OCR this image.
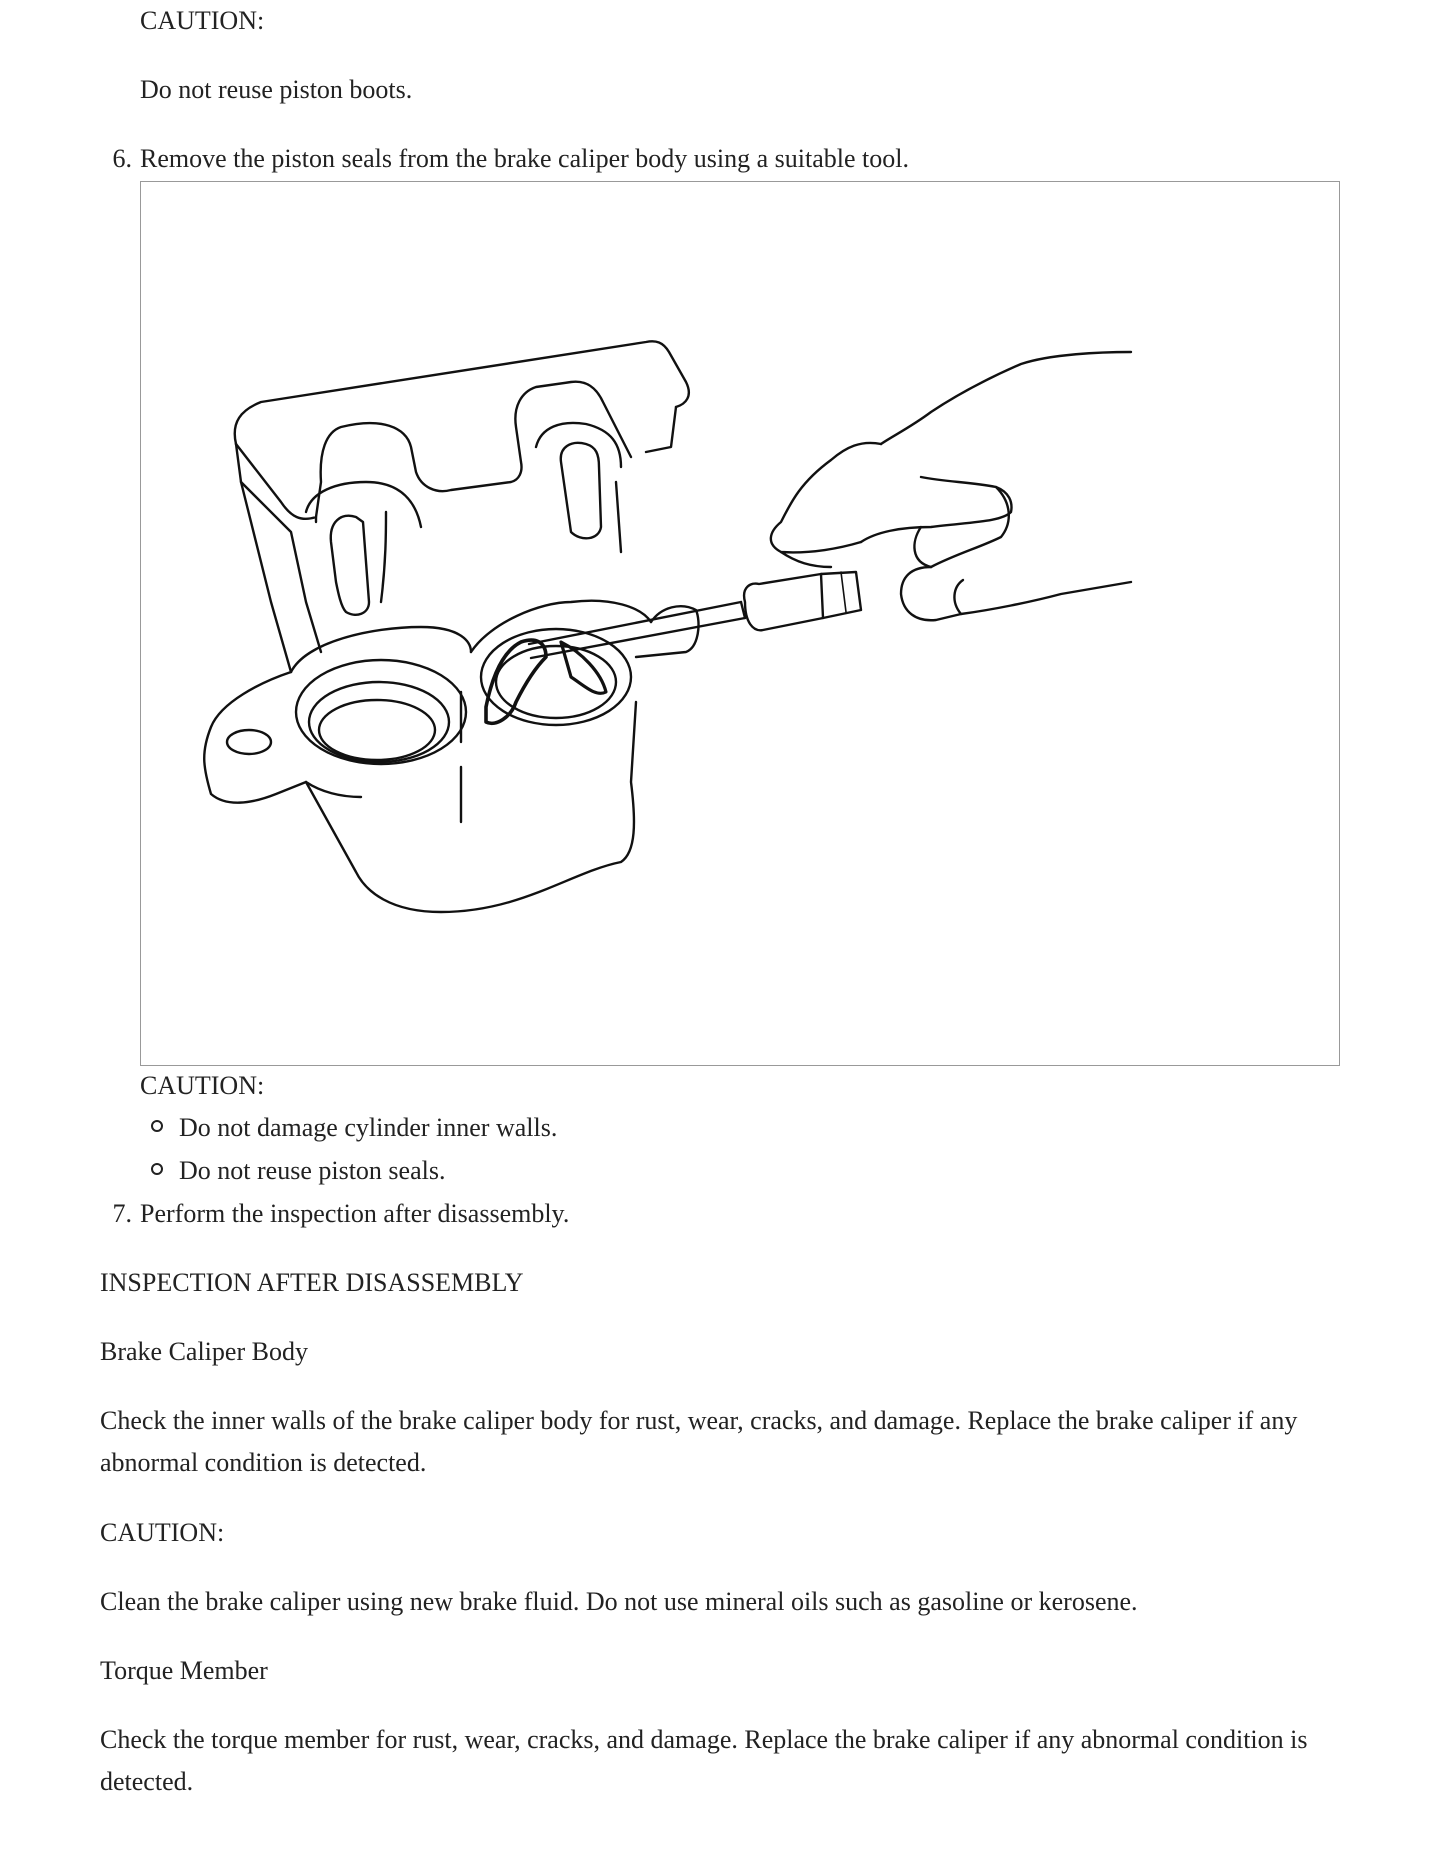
CAUTION:
Do not reuse piston boots.
6. Remove the piston seals from the brake caliper body using a suitable tool.
CAUTION:
Do not damage cylinder inner walls.
Do not reuse piston seals.
7. Perform the inspection after disassembly.
INSPECTION AFTER DISASSEMBLY
Brake Caliper Body
Check the inner walls of the brake caliper body for rust, wear, cracks, and damage. Replace the brake caliper if any abnormal condition is detected.
CAUTION:
Clean the brake caliper using new brake fluid. Do not use mineral oils such as gasoline or kerosene.
Torque Member
Check the torque member for rust, wear, cracks, and damage. Replace the brake caliper if any abnormal condition is detected.
